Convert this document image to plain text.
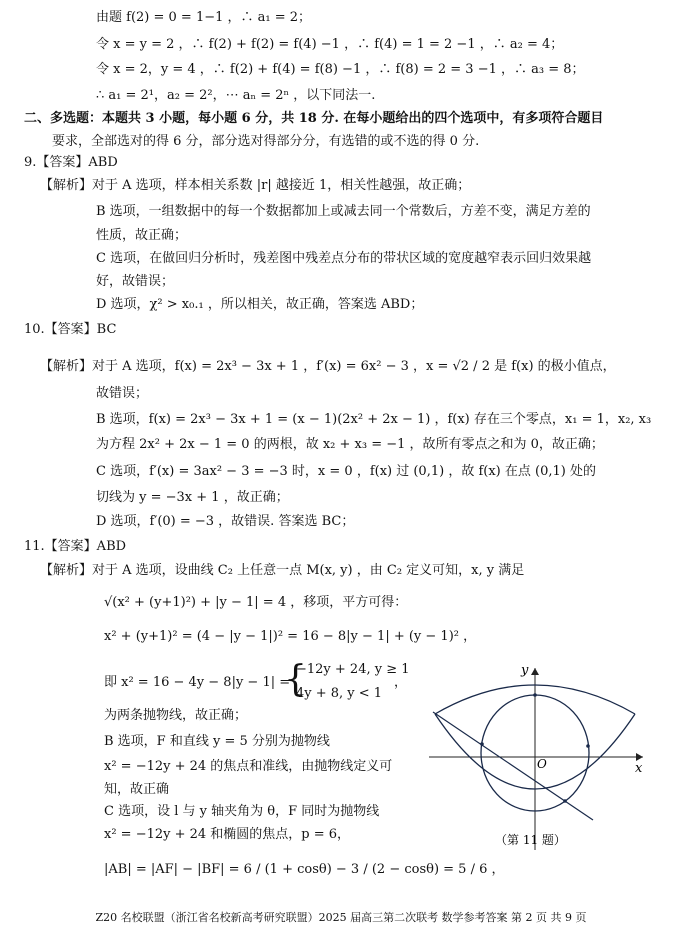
由题 f(2) = 0 = 1−1 ，∴ a₁ = 2；
令 x = y = 2 ，∴ f(2) + f(2) = f(4) −1 ，∴ f(4) = 1 = 2 −1 ，∴ a₂ = 4；
令 x = 2，y = 4 ，∴ f(2) + f(4) = f(8) −1 ，∴ f(8) = 2 = 3 −1 ，∴ a₃ = 8；
∴ a₁ = 2¹，a₂ = 2²，⋯ aₙ = 2ⁿ ，以下同法一.
二、多选题：本题共 3 小题，每小题 6 分，共 18 分. 在每小题给出的四个选项中，有多项符合题目
要求，全部选对的得 6 分，部分选对得部分分，有选错的或不选的得 0 分.
9.【答案】ABD
【解析】对于 A 选项，样本相关系数 |r| 越接近 1，相关性越强，故正确；
B 选项，一组数据中的每一个数据都加上或减去同一个常数后，方差不变，满足方差的
性质，故正确；
C 选项，在做回归分析时，残差图中残差点分布的带状区域的宽度越窄表示回归效果越
好，故错误；
D 选项，χ² > x₀.₁ ，所以相关，故正确，答案选 ABD；
10.【答案】BC
【解析】对于 A 选项，f(x) = 2x³ − 3x + 1 ，f′(x) = 6x² − 3 ，x = √2 / 2 是 f(x) 的极小值点，
故错误；
B 选项，f(x) = 2x³ − 3x + 1 = (x − 1)(2x² + 2x − 1) ，f(x) 存在三个零点，x₁ = 1，x₂, x₃
为方程 2x² + 2x − 1 = 0 的两根，故 x₂ + x₃ = −1 ，故所有零点之和为 0，故正确；
C 选项，f′(x) = 3ax² − 3 = −3 时，x = 0 ，f(x) 过 (0,1) ，故 f(x) 在点 (0,1) 处的
切线为 y = −3x + 1 ，故正确；
D 选项，f′(0) = −3 ，故错误. 答案选 BC；
11.【答案】ABD
【解析】对于 A 选项，设曲线 C₂ 上任意一点 M(x, y) ，由 C₂ 定义可知，x, y 满足
√(x² + (y+1)²) + |y − 1| = 4 ，移项，平方可得：
x² + (y+1)² = (4 − |y − 1|)² = 16 − 8|y − 1| + (y − 1)² ，
即 x² = 16 − 4y − 8|y − 1| =
−12y + 24, y ≥ 1
4y + 8, y < 1
，
为两条抛物线，故正确；
B 选项，F 和直线 y = 5 分别为抛物线
x² = −12y + 24 的焦点和准线，由抛物线定义可
知，故正确
C 选项，设 l 与 y 轴夹角为 θ，F 同时为抛物线
x² = −12y + 24 和椭圆的焦点，p = 6，
|AB| = |AF| − |BF| = 6 / (1 + cosθ) − 3 / (2 − cosθ) = 5 / 6 ，
{	y
x
O
（第 11 题）
Z20 名校联盟（浙江省名校新高考研究联盟）2025 届高三第二次联考 数学参考答案 第 2 页 共 9 页
